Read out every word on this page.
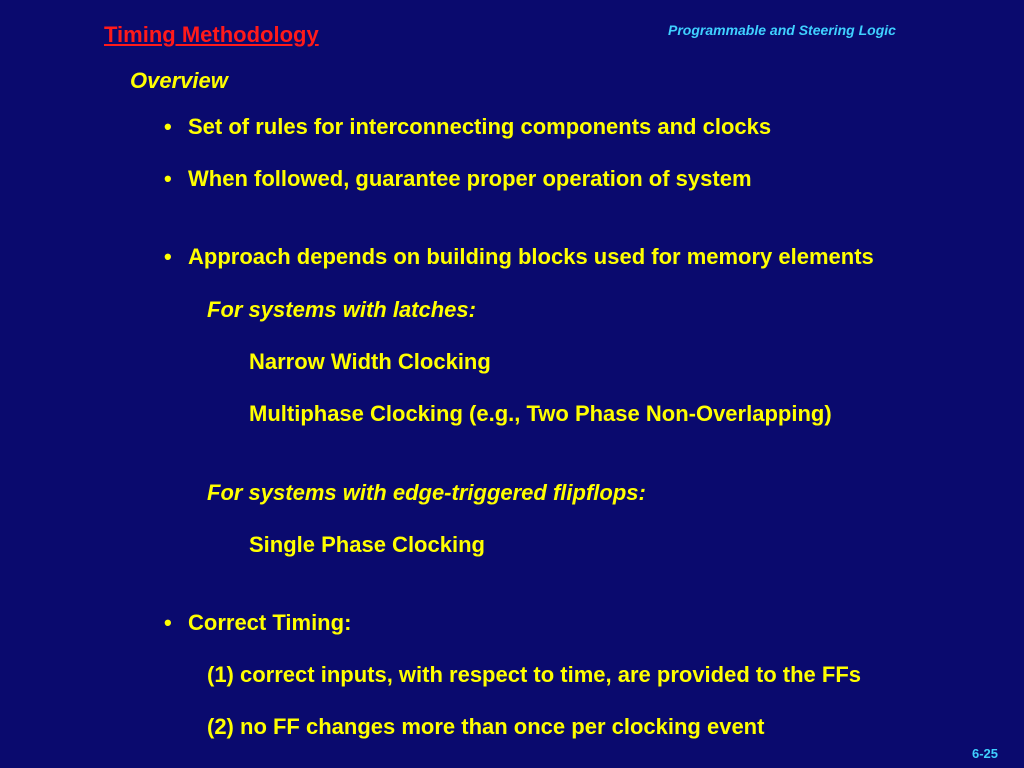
Timing Methodology	Programmable and Steering Logic
Overview
• Set of rules for interconnecting components and clocks
• When followed, guarantee proper operation of system
• Approach depends on building blocks used for memory elements
For systems with latches:
Narrow Width Clocking
Multiphase Clocking (e.g., Two Phase Non-Overlapping)
For systems with edge-triggered flipflops:
Single Phase Clocking
• Correct Timing:
(1) correct inputs, with respect to time, are provided to the FFs
(2) no FF changes more than once per clocking event
6-25
